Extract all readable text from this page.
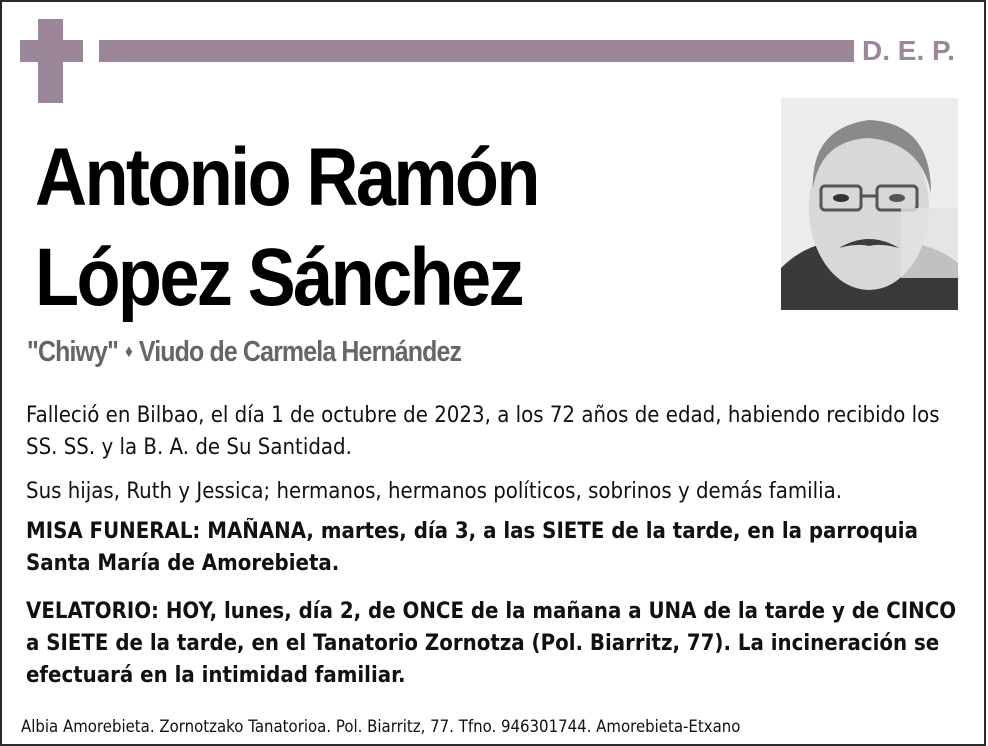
D. E. P.
Antonio Ramón
López Sánchez
"Chiwy" ♦ Viudo de Carmela Hernández
Falleció en Bilbao, el día 1 de octubre de 2023, a los 72 años de edad, habiendo recibido los SS. SS. y la B. A. de Su Santidad.
Sus hijas, Ruth y Jessica; hermanos, hermanos políticos, sobrinos y demás familia.
MISA FUNERAL: MAÑANA, martes, día 3, a las SIETE de la tarde, en la parroquia Santa María de Amorebieta.
VELATORIO: HOY, lunes, día 2, de ONCE de la mañana a UNA de la tarde y de CINCO a SIETE de la tarde, en el Tanatorio Zornotza (Pol. Biarritz, 77). La incineración se efectuará en la intimidad familiar.
Albia Amorebieta. Zornotzako Tanatorioa. Pol. Biarritz, 77. Tfno. 946301744. Amorebieta-Etxano
